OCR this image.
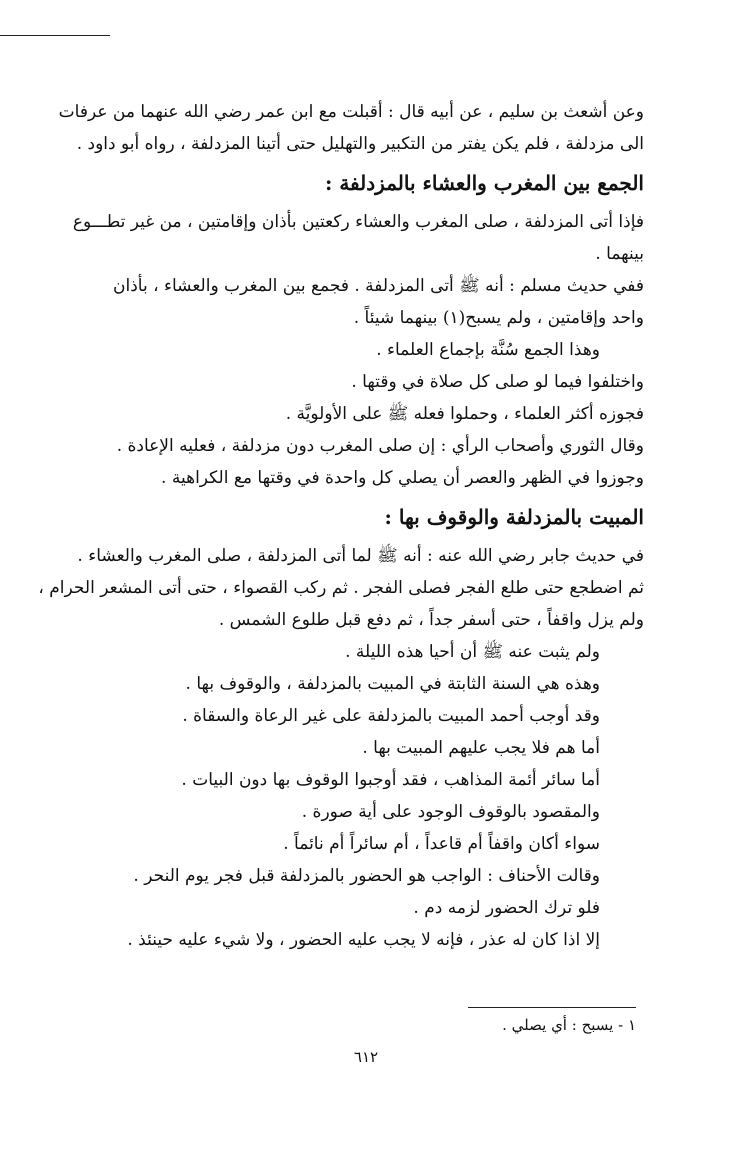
وعن أشعث بن سليم ، عن أبيه قال : أقبلت مع ابن عمر رضي الله عنهما من عرفات
الى مزدلفة ، فلم يكن يفتر من التكبير والتهليل حتى أتينا المزدلفة ، رواه أبو داود .
الجمع بين المغرب والعشاء بالمزدلفة :
فإذا أتى المزدلفة ، صلى المغرب والعشاء ركعتين بأذان وإقامتين ، من غير تطـــوع
بينهما .
ففي حديث مسلم : أنه ﷺ أتى المزدلفة . فجمع بين المغرب والعشاء ، بأذان
واحد وإقامتين ، ولم يسبح(١) بينهما شيئاً .
وهذا الجمع سُنَّة بإجماع العلماء .
واختلفوا فيما لو صلى كل صلاة في وقتها .
فجوزه أكثر العلماء ، وحملوا فعله ﷺ على الأولويَّة .
وقال الثوري وأصحاب الرأي : إن صلى المغرب دون مزدلفة ، فعليه الإعادة .
وجوزوا في الظهر والعصر أن يصلي كل واحدة في وقتها مع الكراهية .
المبيت بالمزدلفة والوقوف بها :
في حديث جابر رضي الله عنه : أنه ﷺ لما أتى المزدلفة ، صلى المغرب والعشاء .
ثم اضطجع حتى طلع الفجر فصلى الفجر . ثم ركب القصواء ، حتى أتى المشعر الحرام ،
ولم يزل واقفاً ، حتى أسفر جداً ، ثم دفع قبل طلوع الشمس .
ولم يثبت عنه ﷺ أن أحيا هذه الليلة .
وهذه هي السنة الثابتة في المبيت بالمزدلفة ، والوقوف بها .
وقد أوجب أحمد المبيت بالمزدلفة على غير الرعاة والسقاة .
أما هم فلا يجب عليهم المبيت بها .
أما سائر أئمة المذاهب ، فقد أوجبوا الوقوف بها دون البيات .
والمقصود بالوقوف الوجود على أية صورة .
سواء أكان واقفاً أم قاعداً ، أم سائراً أم نائماً .
وقالت الأحناف : الواجب هو الحضور بالمزدلفة قبل فجر يوم النحر .
فلو ترك الحضور لزمه دم .
إلا اذا كان له عذر ، فإنه لا يجب عليه الحضور ، ولا شيء عليه حينئذ .
١ - يسبح : أي يصلي .
٦١٢
